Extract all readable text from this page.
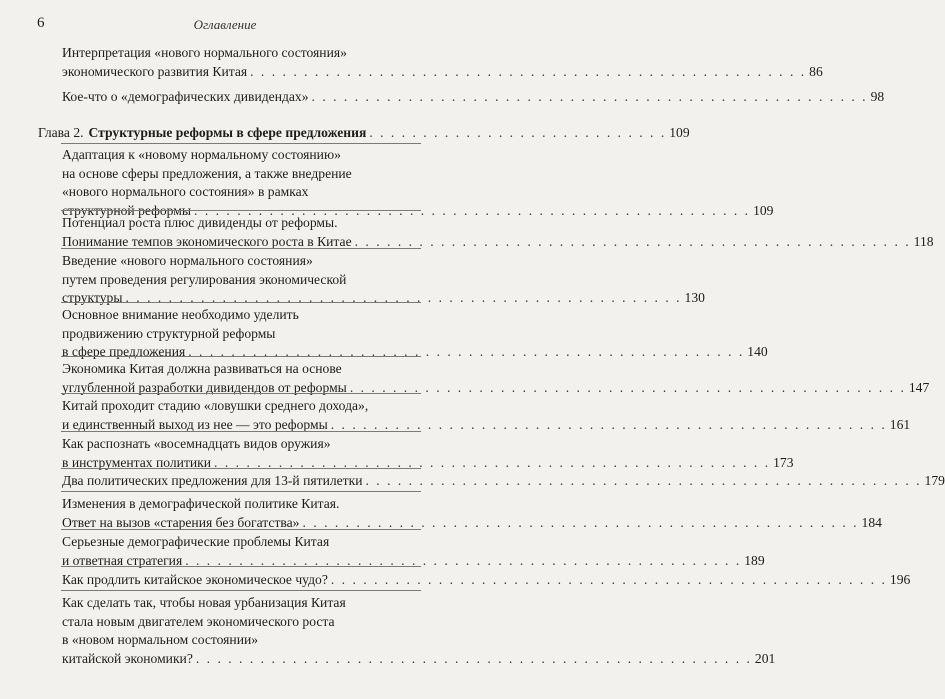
6	Оглавление
Интерпретация «нового нормального состояния»
экономического развития Китая . . . . . . . . . . . . . . . . . . . . . . . . . . . . . . . . . . . . . . . . . . . . . . . . . . . . 86
Кое-что о «демографических дивидендах» . . . . . . . . . . . . . . . . . . . . . . . . . . . . . . . . . . . . . . . . . . . . . . . . . . . . 98
Глава 2. Структурные реформы в сфере предложения . . . . . . . . . . . . . . . . . . . . . . . . . . . . 109
Адаптация к «новому нормальному состоянию»
на основе сферы предложения, а также внедрение
«нового нормального состояния» в рамках
структурной реформы . . . . . . . . . . . . . . . . . . . . . . . . . . . . . . . . . . . . . . . . . . . . . . . . . . . . 109
Потенциал роста плюс дивиденды от реформы.
Понимание темпов экономического роста в Китае . . . . . . . . . . . . . . . . . . . . . . . . . . . . . . . . . . . . . . . . . . . . . . . . . . . . 118
Введение «нового нормального состояния»
путем проведения регулирования экономической
структуры . . . . . . . . . . . . . . . . . . . . . . . . . . . . . . . . . . . . . . . . . . . . . . . . . . . . 130
Основное внимание необходимо уделить
продвижению структурной реформы
в сфере предложения . . . . . . . . . . . . . . . . . . . . . . . . . . . . . . . . . . . . . . . . . . . . . . . . . . . . 140
Экономика Китая должна развиваться на основе
углубленной разработки дивидендов от реформы . . . . . . . . . . . . . . . . . . . . . . . . . . . . . . . . . . . . . . . . . . . . . . . . . . . . 147
Китай проходит стадию «ловушки среднего дохода»,
и единственный выход из нее — это реформы . . . . . . . . . . . . . . . . . . . . . . . . . . . . . . . . . . . . . . . . . . . . . . . . . . . . 161
Как распознать «восемнадцать видов оружия»
в инструментах политики . . . . . . . . . . . . . . . . . . . . . . . . . . . . . . . . . . . . . . . . . . . . . . . . . . . . 173
Два политических предложения для 13-й пятилетки . . . . . . . . . . . . . . . . . . . . . . . . . . . . . . . . . . . . . . . . . . . . . . . . . . . . 179
Изменения в демографической политике Китая.
Ответ на вызов «старения без богатства» . . . . . . . . . . . . . . . . . . . . . . . . . . . . . . . . . . . . . . . . . . . . . . . . . . . . 184
Серьезные демографические проблемы Китая
и ответная стратегия . . . . . . . . . . . . . . . . . . . . . . . . . . . . . . . . . . . . . . . . . . . . . . . . . . . . 189
Как продлить китайское экономическое чудо? . . . . . . . . . . . . . . . . . . . . . . . . . . . . . . . . . . . . . . . . . . . . . . . . . . . . 196
Как сделать так, чтобы новая урбанизация Китая
стала новым двигателем экономического роста
в «новом нормальном состоянии»
китайской экономики? . . . . . . . . . . . . . . . . . . . . . . . . . . . . . . . . . . . . . . . . . . . . . . . . . . . . 201
